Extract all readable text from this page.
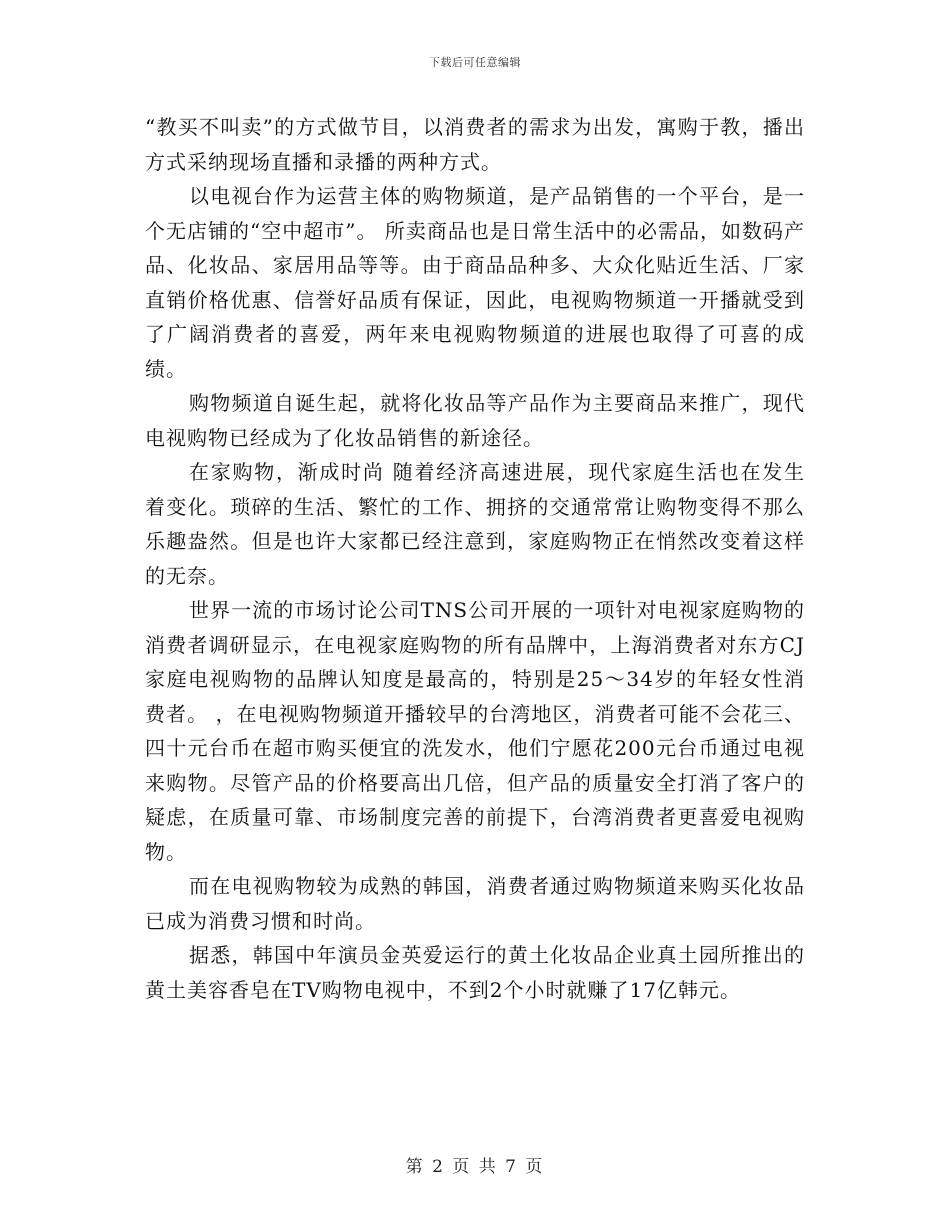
下载后可任意编辑

“教买不叫卖”的方式做节目，以消费者的需求为出发，寓购于教，播出方式采纳现场直播和录播的两种方式。

以电视台作为运营主体的购物频道，是产品销售的一个平台，是一个无店铺的“空中超市”。 所卖商品也是日常生活中的必需品，如数码产品、化妆品、家居用品等等。由于商品品种多、大众化贴近生活、厂家直销价格优惠、信誉好品质有保证，因此，电视购物频道一开播就受到了广阔消费者的喜爱，两年来电视购物频道的进展也取得了可喜的成绩。

购物频道自诞生起，就将化妆品等产品作为主要商品来推广，现代电视购物已经成为了化妆品销售的新途径。

在家购物，渐成时尚 随着经济高速进展，现代家庭生活也在发生着变化。琐碎的生活、繁忙的工作、拥挤的交通常常让购物变得不那么乐趣盎然。但是也许大家都已经注意到，家庭购物正在悄然改变着这样的无奈。

世界一流的市场讨论公司TNS公司开展的一项针对电视家庭购物的消费者调研显示，在电视家庭购物的所有品牌中，上海消费者对东方CJ家庭电视购物的品牌认知度是最高的，特别是25～34岁的年轻女性消费者。 ，在电视购物频道开播较早的台湾地区，消费者可能不会花三、四十元台币在超市购买便宜的洗发水，他们宁愿花200元台币通过电视来购物。尽管产品的价格要高出几倍，但产品的质量安全打消了客户的疑虑，在质量可靠、市场制度完善的前提下，台湾消费者更喜爱电视购物。

而在电视购物较为成熟的韩国，消费者通过购物频道来购买化妆品已成为消费习惯和时尚。

据悉，韩国中年演员金英爱运行的黄土化妆品企业真土园所推出的黄土美容香皂在TV购物电视中，不到2个小时就赚了17亿韩元。

第 2 页 共 7 页
